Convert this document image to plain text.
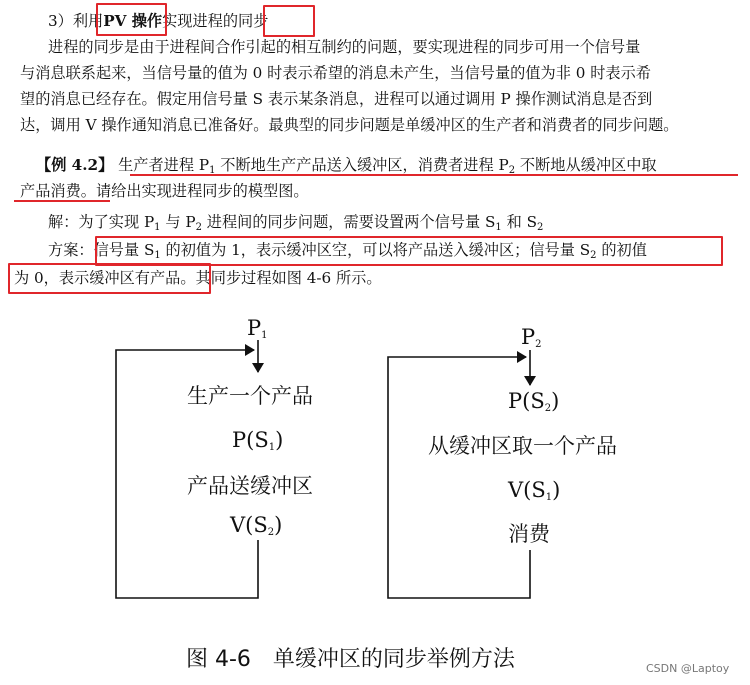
3）利用PV 操作实现进程的同步
进程的同步是由于进程间合作引起的相互制约的问题，要实现进程的同步可用一个信号量
与消息联系起来，当信号量的值为 0 时表示希望的消息未产生，当信号量的值为非 0 时表示希
望的消息已经存在。假定用信号量 S 表示某条消息，进程可以通过调用 P 操作测试消息是否到
达，调用 V 操作通知消息已准备好。最典型的同步问题是单缓冲区的生产者和消费者的同步问题。
【例 4.2】 生产者进程 $P_1$ 不断地生产产品送入缓冲区，消费者进程 $P_2$ 不断地从缓冲区中取
产品消费。请给出实现进程同步的模型图。
解：为了实现 $P_1$ 与 $P_2$ 进程间的同步问题，需要设置两个信号量 $S_1$ 和 $S_2$
方案：信号量 $S_1$ 的初值为 1，表示缓冲区空，可以将产品送入缓冲区；信号量 $S_2$ 的初值
为 0，表示缓冲区有产品。其同步过程如图 4-6 所示。
$P_1$
生产一个产品
$P(S_1)$
产品送缓冲区
$V(S_2)$
$P_2$
$P(S_2)$
从缓冲区取一个产品
$V(S_1)$
消费
图 4-6　单缓冲区的同步举例方法	CSDN @Laptoy
